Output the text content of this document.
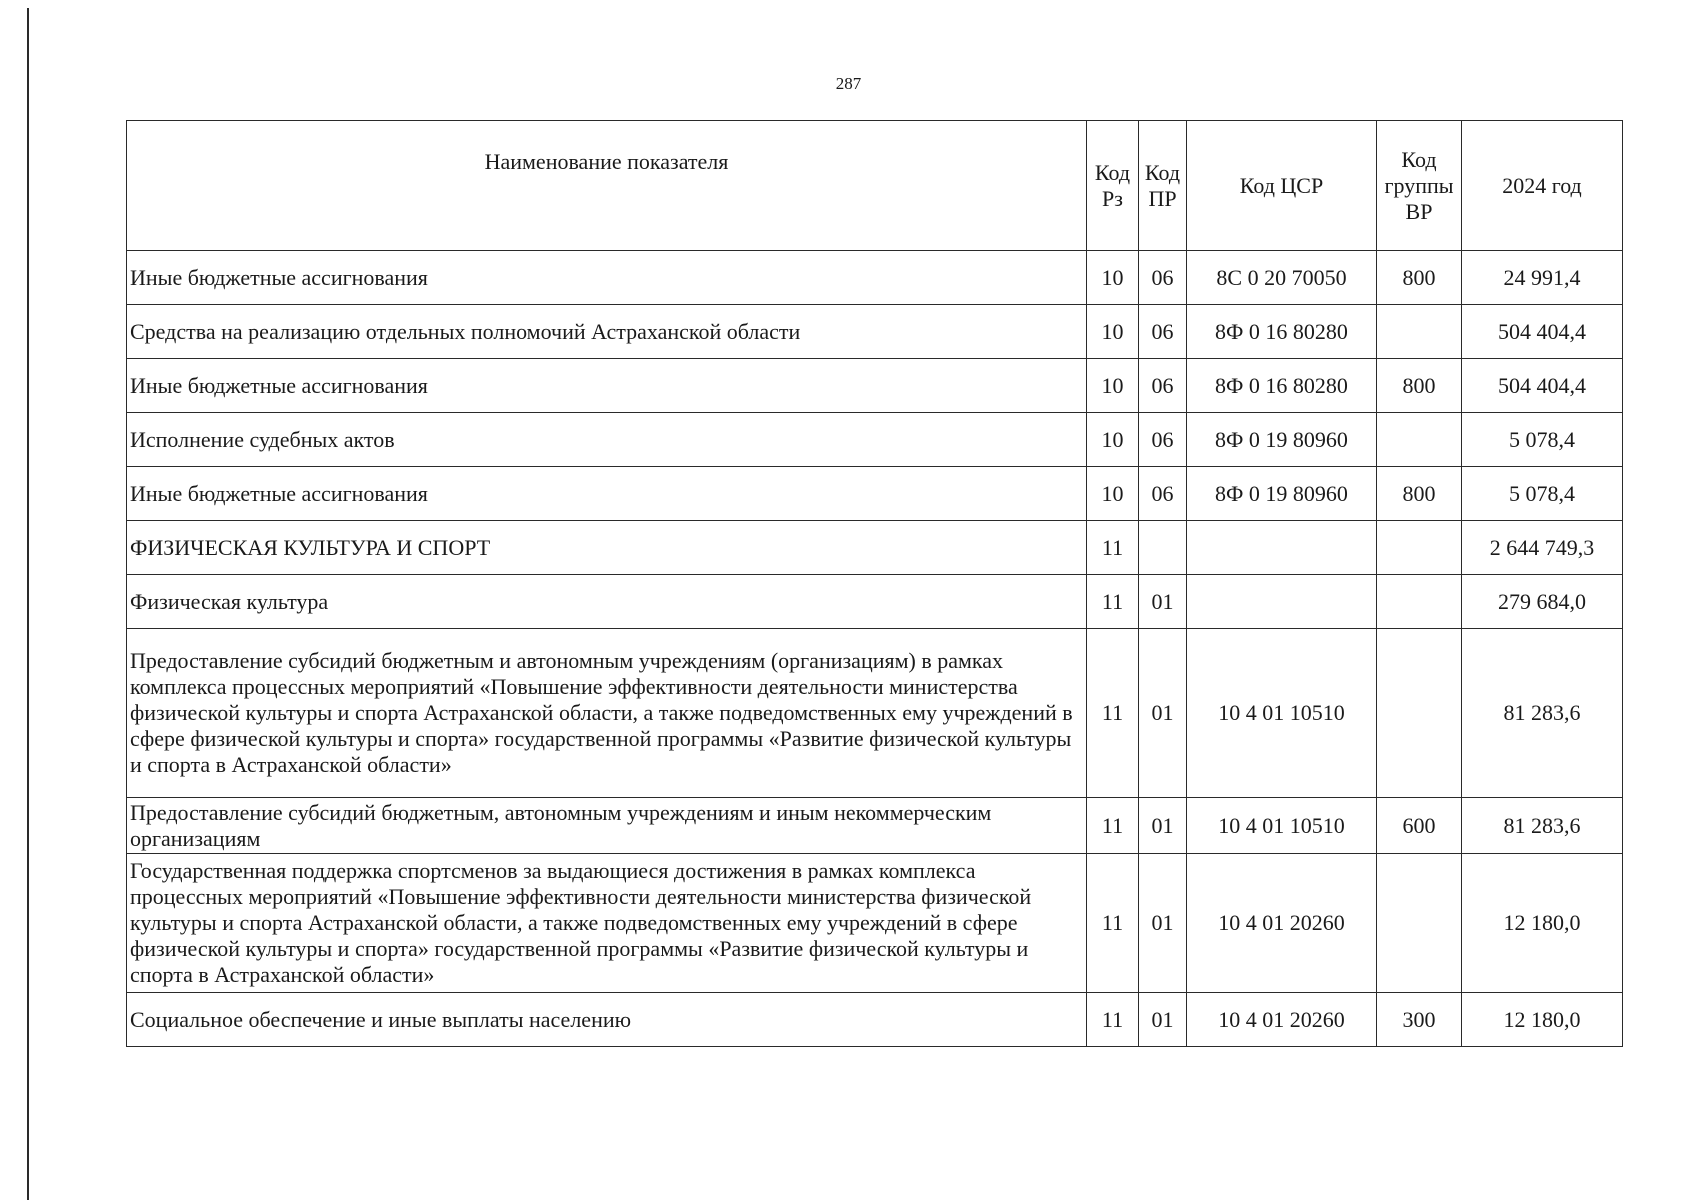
287
Наименование показателя	Код Рз	Код ПР	Код ЦСР	Код группы ВР	2024 год
Иные бюджетные ассигнования	10	06	8С 0 20 70050	800	24 991,4
Средства на реализацию отдельных полномочий Астраханской области	10	06	8Ф 0 16 80280		504 404,4
Иные бюджетные ассигнования	10	06	8Ф 0 16 80280	800	504 404,4
Исполнение судебных актов	10	06	8Ф 0 19 80960		5 078,4
Иные бюджетные ассигнования	10	06	8Ф 0 19 80960	800	5 078,4
ФИЗИЧЕСКАЯ КУЛЬТУРА И СПОРТ	11				2 644 749,3
Физическая культура	11	01			279 684,0
Предоставление субсидий бюджетным и автономным учреждениям (организациям) в рамках комплекса процессных мероприятий «Повышение эффективности деятельности министерства физической культуры и спорта Астраханской области, а также подведомственных ему учреждений в сфере физической культуры и спорта» государственной программы «Развитие физической культуры и спорта в Астраханской области»	11	01	10 4 01 10510		81 283,6
Предоставление субсидий бюджетным, автономным учреждениям и иным некоммерческим организациям	11	01	10 4 01 10510	600	81 283,6
Государственная поддержка спортсменов за выдающиеся достижения в рамках комплекса процессных мероприятий «Повышение эффективности деятельности министерства физической культуры и спорта Астраханской области, а также подведомственных ему учреждений в сфере физической культуры и спорта» государственной программы «Развитие физической культуры и спорта в Астраханской области»	11	01	10 4 01 20260		12 180,0
Социальное обеспечение и иные выплаты населению	11	01	10 4 01 20260	300	12 180,0
